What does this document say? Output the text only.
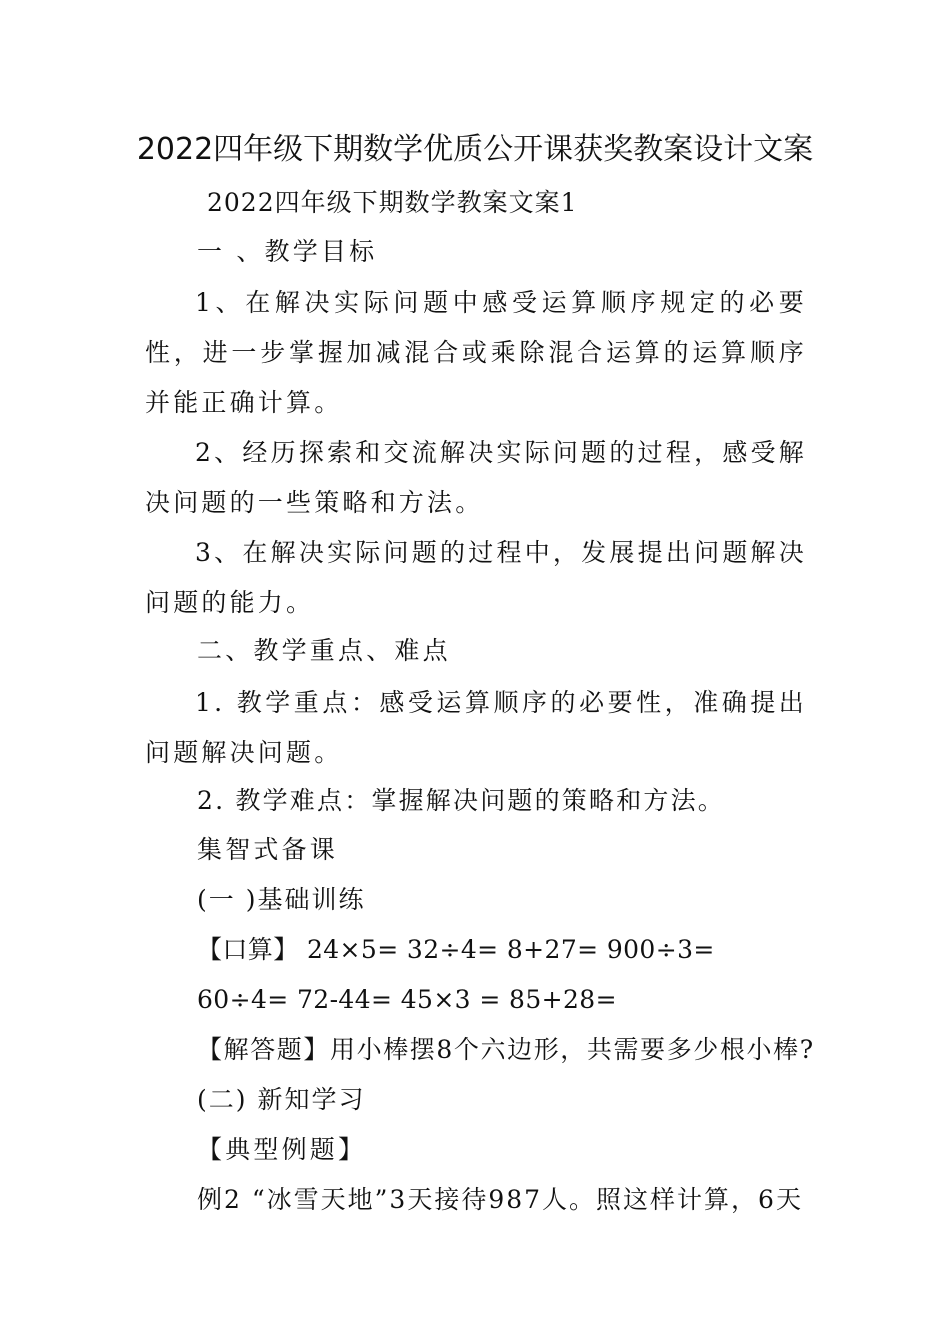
2022四年级下期数学优质公开课获奖教案设计文案

2022四年级下期数学教案文案1

一 、教学目标

1、在解决实际问题中感受运算顺序规定的必要性，进一步掌握加减混合或乘除混合运算的运算顺序并能正确计算。

2、经历探索和交流解决实际问题的过程，感受解决问题的一些策略和方法。

3、在解决实际问题的过程中，发展提出问题解决问题的能力。

二、教学重点、难点

1. 教学重点：感受运算顺序的必要性，准确提出问题解决问题。

2. 教学难点：掌握解决问题的策略和方法。

集智式备课

(一 )基础训练

【口算】 24×5= 32÷4= 8+27= 900÷3=

60÷4= 72-44= 45×3 = 85+28=

【解答题】用小棒摆8个六边形，共需要多少根小棒?

(二) 新知学习

【典型例题】

例2 “冰雪天地”3天接待987人。照这样计算，6天
